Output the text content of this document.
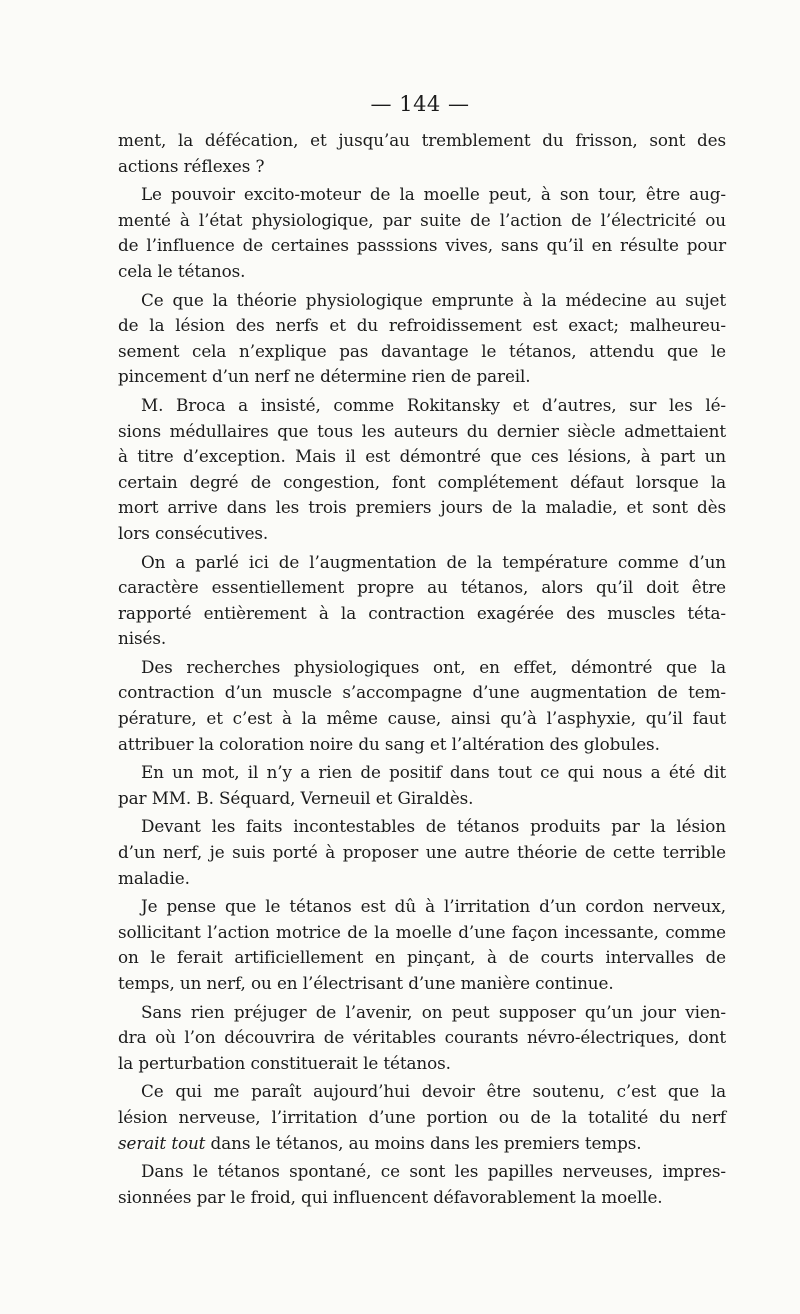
— 144 —
ment, la défécation, et jusqu’au tremblement du frisson, sont des
actions réflexes ?
Le pouvoir excito-moteur de la moelle peut, à son tour, être aug-
menté à l’état physiologique, par suite de l’action de l’électricité ou
de l’influence de certaines passsions vives, sans qu’il en résulte pour
cela le tétanos.
Ce que la théorie physiologique emprunte à la médecine au sujet
de la lésion des nerfs et du refroidissement est exact; malheureu-
sement cela n’explique pas davantage le tétanos, attendu que le
pincement d’un nerf ne détermine rien de pareil.
M. Broca a insisté, comme Rokitansky et d’autres, sur les lé-
sions médullaires que tous les auteurs du dernier siècle admettaient
à titre d’exception. Mais il est démontré que ces lésions, à part un
certain degré de congestion, font complétement défaut lorsque la
mort arrive dans les trois premiers jours de la maladie, et sont dès
lors consécutives.
On a parlé ici de l’augmentation de la température comme d’un
caractère essentiellement propre au tétanos, alors qu’il doit être
rapporté entièrement à la contraction exagérée des muscles téta-
nisés.
Des recherches physiologiques ont, en effet, démontré que la
contraction d’un muscle s’accompagne d’une augmentation de tem-
pérature, et c’est à la même cause, ainsi qu’à l’asphyxie, qu’il faut
attribuer la coloration noire du sang et l’altération des globules.
En un mot, il n’y a rien de positif dans tout ce qui nous a été dit
par MM. B. Séquard, Verneuil et Giraldès.
Devant les faits incontestables de tétanos produits par la lésion
d’un nerf, je suis porté à proposer une autre théorie de cette terrible
maladie.
Je pense que le tétanos est dû à l’irritation d’un cordon nerveux,
sollicitant l’action motrice de la moelle d’une façon incessante, comme
on le ferait artificiellement en pinçant, à de courts intervalles de
temps, un nerf, ou en l’électrisant d’une manière continue.
Sans rien préjuger de l’avenir, on peut supposer qu’un jour vien-
dra où l’on découvrira de véritables courants névro-électriques, dont
la perturbation constituerait le tétanos.
Ce qui me paraît aujourd’hui devoir être soutenu, c’est que la
lésion nerveuse, l’irritation d’une portion ou de la totalité du nerf
serait tout dans le tétanos, au moins dans les premiers temps.
Dans le tétanos spontané, ce sont les papilles nerveuses, impres-
sionnées par le froid, qui influencent défavorablement la moelle.
